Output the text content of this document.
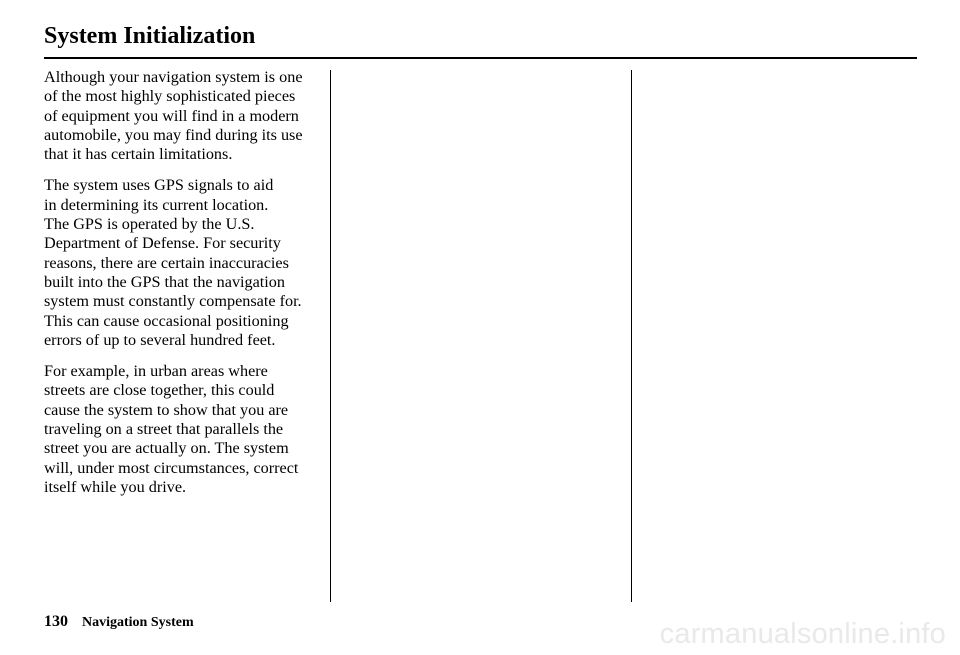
System Initialization

Although your navigation system is one
of the most highly sophisticated pieces
of equipment you will find in a modern
automobile, you may find during its use
that it has certain limitations.

The system uses GPS signals to aid
in determining its current location.
The GPS is operated by the U.S.
Department of Defense. For security
reasons, there are certain inaccuracies
built into the GPS that the navigation
system must constantly compensate for.
This can cause occasional positioning
errors of up to several hundred feet.

For example, in urban areas where
streets are close together, this could
cause the system to show that you are
traveling on a street that parallels the
street you are actually on. The system
will, under most circumstances, correct
itself while you drive.

130 Navigation System	carmanualsonline.info
